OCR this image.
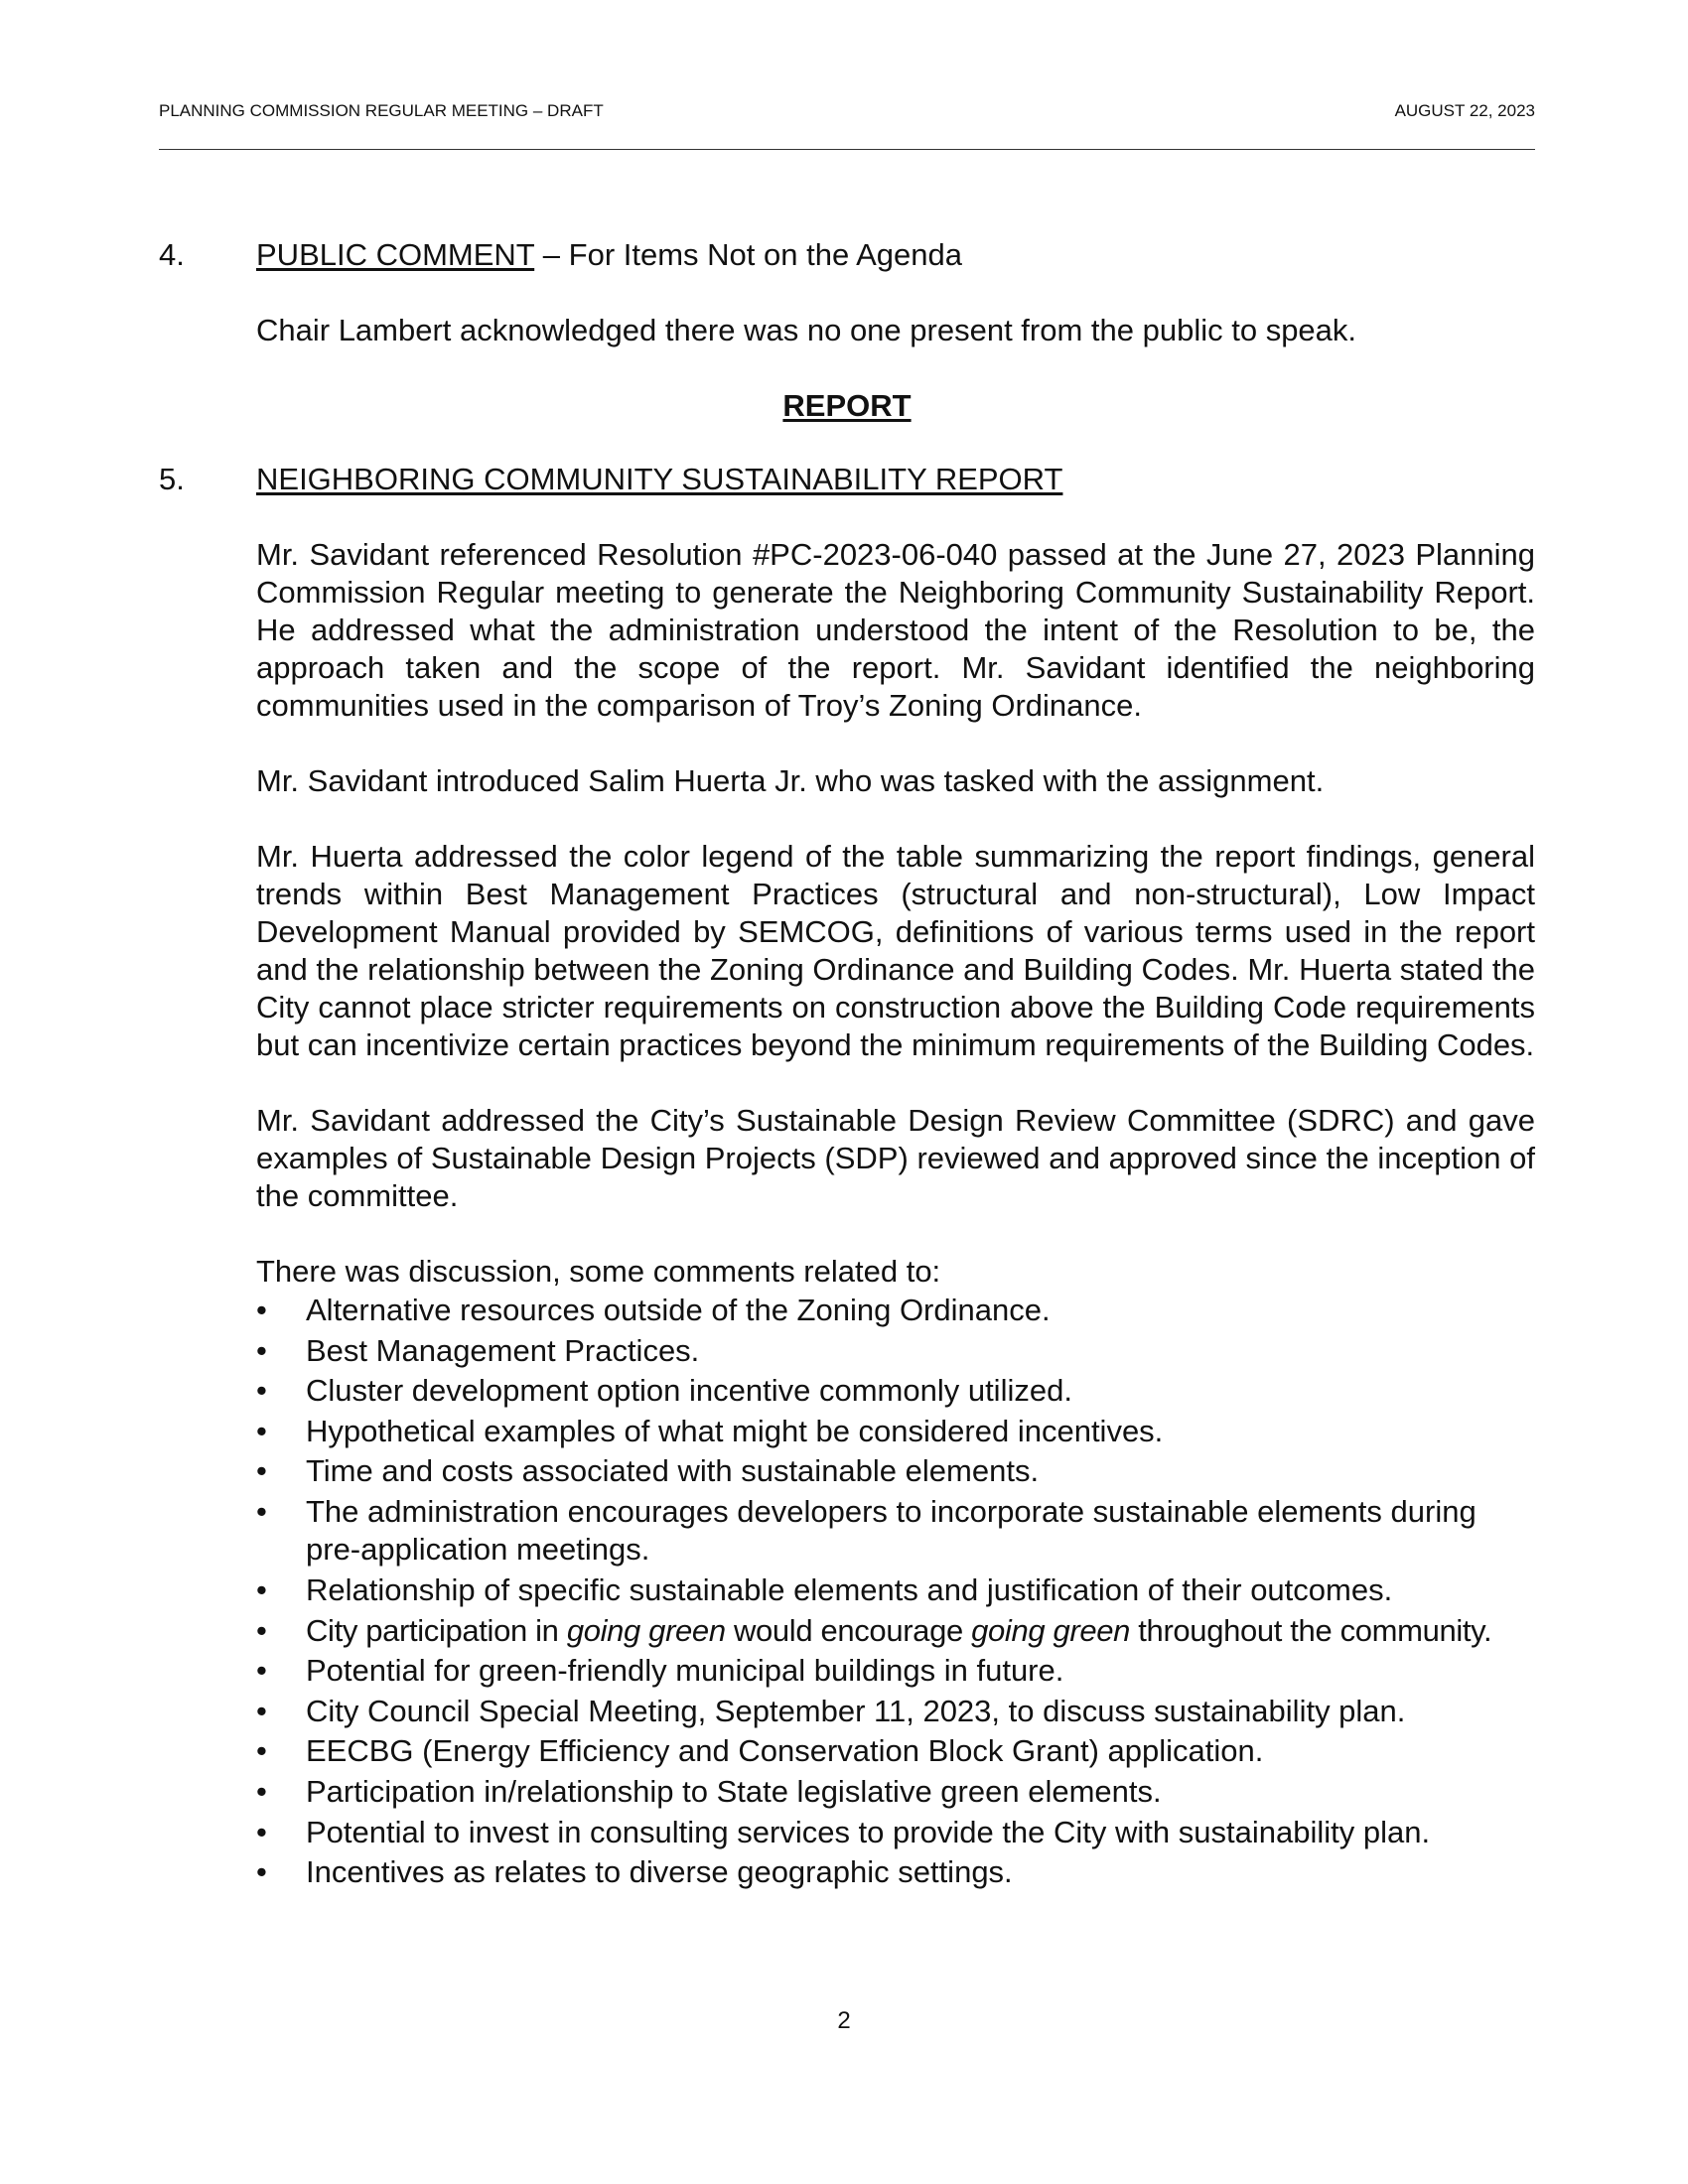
PLANNING COMMISSION REGULAR MEETING – DRAFT	AUGUST 22, 2023
4. PUBLIC COMMENT – For Items Not on the Agenda

Chair Lambert acknowledged there was no one present from the public to speak.

REPORT

5. NEIGHBORING COMMUNITY SUSTAINABILITY REPORT

Mr. Savidant referenced Resolution #PC-2023-06-040 passed at the June 27, 2023 Planning Commission Regular meeting to generate the Neighboring Community Sustainability Report. He addressed what the administration understood the intent of the Resolution to be, the approach taken and the scope of the report. Mr. Savidant identified the neighboring communities used in the comparison of Troy’s Zoning Ordinance.

Mr. Savidant introduced Salim Huerta Jr. who was tasked with the assignment.

Mr. Huerta addressed the color legend of the table summarizing the report findings, general trends within Best Management Practices (structural and non-structural), Low Impact Development Manual provided by SEMCOG, definitions of various terms used in the report and the relationship between the Zoning Ordinance and Building Codes. Mr. Huerta stated the City cannot place stricter requirements on construction above the Building Code requirements but can incentivize certain practices beyond the minimum requirements of the Building Codes.

Mr. Savidant addressed the City’s Sustainable Design Review Committee (SDRC) and gave examples of Sustainable Design Projects (SDP) reviewed and approved since the inception of the committee.

There was discussion, some comments related to:

• Alternative resources outside of the Zoning Ordinance.
• Best Management Practices.
• Cluster development option incentive commonly utilized.
• Hypothetical examples of what might be considered incentives.
• Time and costs associated with sustainable elements.
• The administration encourages developers to incorporate sustainable elements during pre-application meetings.
• Relationship of specific sustainable elements and justification of their outcomes.
• City participation in going green would encourage going green throughout the community.
• Potential for green-friendly municipal buildings in future.
• City Council Special Meeting, September 11, 2023, to discuss sustainability plan.
• EECBG (Energy Efficiency and Conservation Block Grant) application.
• Participation in/relationship to State legislative green elements.
• Potential to invest in consulting services to provide the City with sustainability plan.
• Incentives as relates to diverse geographic settings.
2
